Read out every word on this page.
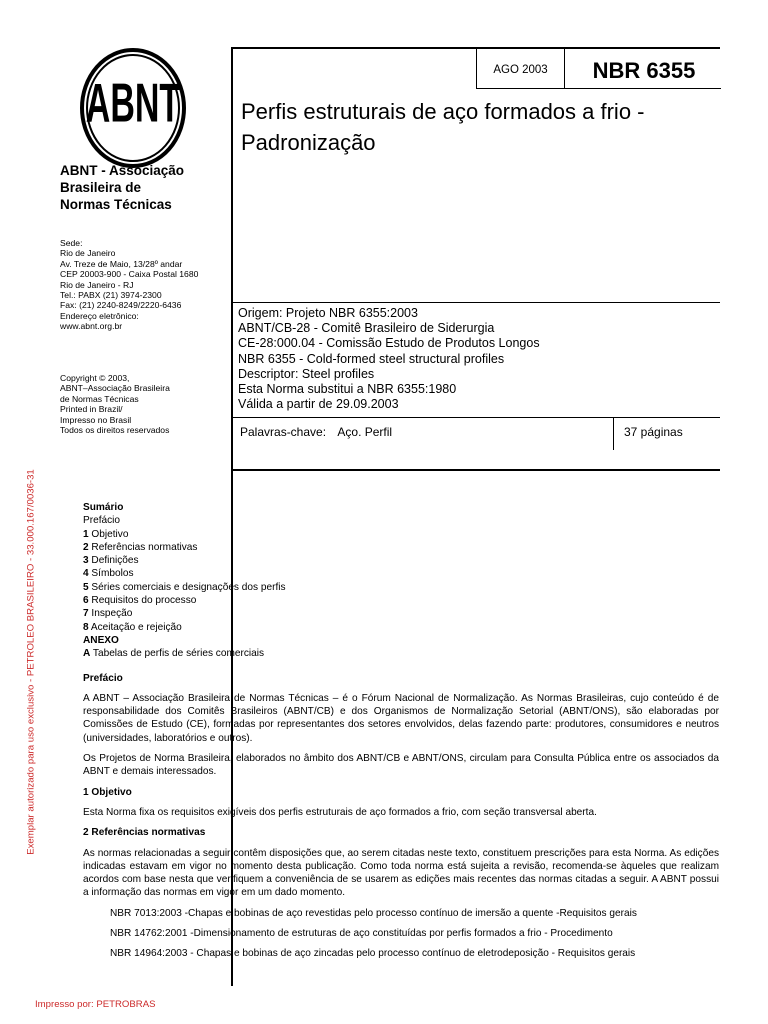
ABNT
ABNT - Associação
Brasileira de
Normas Técnicas
Sede:
Rio de Janeiro
Av. Treze de Maio, 13/28º andar
CEP 20003-900 - Caixa Postal 1680
Rio de Janeiro - RJ
Tel.: PABX (21) 3974-2300
Fax: (21) 2240-8249/2220-6436
Endereço eletrônico:
www.abnt.org.br
Copyright © 2003,
ABNT–Associação Brasileira
de Normas Técnicas
Printed in Brazil/
Impresso no Brasil
Todos os direitos reservados
Exemplar autorizado para uso exclusivo - PETROLEO BRASILEIRO - 33.000.167/0036-31
Impresso por: PETROBRAS
AGO 2003	NBR 6355
Perfis estruturais de aço formados a frio - Padronização
Origem: Projeto NBR 6355:2003
ABNT/CB-28 - Comitê Brasileiro de Siderurgia
CE-28:000.04 - Comissão Estudo de Produtos Longos
NBR 6355 - Cold-formed steel structural profiles
Descriptor: Steel profiles
Esta Norma substitui a NBR 6355:1980
Válida a partir de 29.09.2003
Palavras-chave: Aço. Perfil	37 páginas

Sumário

Prefácio

1 Objetivo

2 Referências normativas

3 Definições

4 Símbolos

5 Séries comerciais e designações dos perfis

6 Requisitos do processo

7 Inspeção

8 Aceitação e rejeição

ANEXO

A Tabelas de perfis de séries comerciais

Prefácio

A ABNT – Associação Brasileira de Normas Técnicas – é o Fórum Nacional de Normalização. As Normas Brasileiras, cujo conteúdo é de responsabilidade dos Comitês Brasileiros (ABNT/CB) e dos Organismos de Normalização Setorial (ABNT/ONS), são elaboradas por Comissões de Estudo (CE), formadas por representantes dos setores envolvidos, delas fazendo parte: produtores, consumidores e neutros (universidades, laboratórios e outros).

Os Projetos de Norma Brasileira, elaborados no âmbito dos ABNT/CB e ABNT/ONS, circulam para Consulta Pública entre os associados da ABNT e demais interessados.

1 Objetivo

Esta Norma fixa os requisitos exigíveis dos perfis estruturais de aço formados a frio, com seção transversal aberta.

2 Referências normativas

As normas relacionadas a seguir contêm disposições que, ao serem citadas neste texto, constituem prescrições para esta Norma. As edições indicadas estavam em vigor no momento desta publicação. Como toda norma está sujeita a revisão, recomenda-se àqueles que realizam acordos com base nesta que verifiquem a conveniência de se usarem as edições mais recentes das normas citadas a seguir. A ABNT possui a informação das normas em vigor em um dado momento.

NBR 7013:2003 -Chapas e bobinas de aço revestidas pelo processo contínuo de imersão a quente -Requisitos gerais

NBR 14762:2001 -Dimensionamento de estruturas de aço constituídas por perfis formados a frio - Procedimento

NBR 14964:2003 - Chapas e bobinas de aço zincadas pelo processo contínuo de eletrodeposição - Requisitos gerais
